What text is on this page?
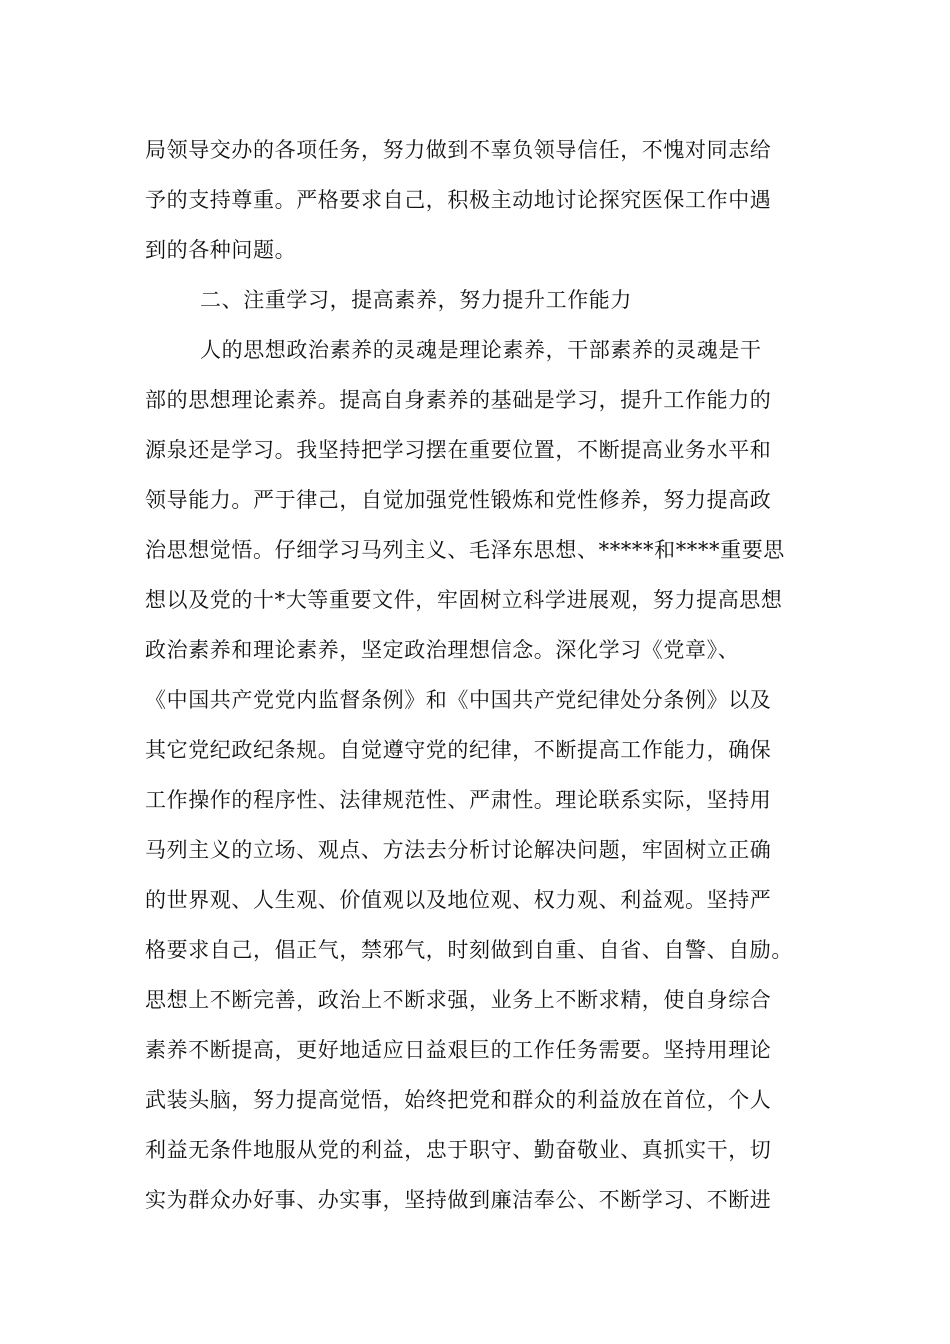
局领导交办的各项任务，努力做到不辜负领导信任，不愧对同志给
予的支持尊重。严格要求自己，积极主动地讨论探究医保工作中遇
到的各种问题。
二、注重学习，提高素养，努力提升工作能力
人的思想政治素养的灵魂是理论素养，干部素养的灵魂是干
部的思想理论素养。提高自身素养的基础是学习，提升工作能力的
源泉还是学习。我坚持把学习摆在重要位置，不断提高业务水平和
领导能力。严于律己，自觉加强党性锻炼和党性修养，努力提高政
治思想觉悟。仔细学习马列主义、毛泽东思想、*****和****重要思
想以及党的十*大等重要文件，牢固树立科学进展观，努力提高思想
政治素养和理论素养，坚定政治理想信念。深化学习《党章》、
《中国共产党党内监督条例》和《中国共产党纪律处分条例》以及
其它党纪政纪条规。自觉遵守党的纪律，不断提高工作能力，确保
工作操作的程序性、法律规范性、严肃性。理论联系实际，坚持用
马列主义的立场、观点、方法去分析讨论解决问题，牢固树立正确
的世界观、人生观、价值观以及地位观、权力观、利益观。坚持严
格要求自己，倡正气，禁邪气，时刻做到自重、自省、自警、自励。
思想上不断完善，政治上不断求强，业务上不断求精，使自身综合
素养不断提高，更好地适应日益艰巨的工作任务需要。坚持用理论
武装头脑，努力提高觉悟，始终把党和群众的利益放在首位，个人
利益无条件地服从党的利益，忠于职守、勤奋敬业、真抓实干，切
实为群众办好事、办实事，坚持做到廉洁奉公、不断学习、不断进
